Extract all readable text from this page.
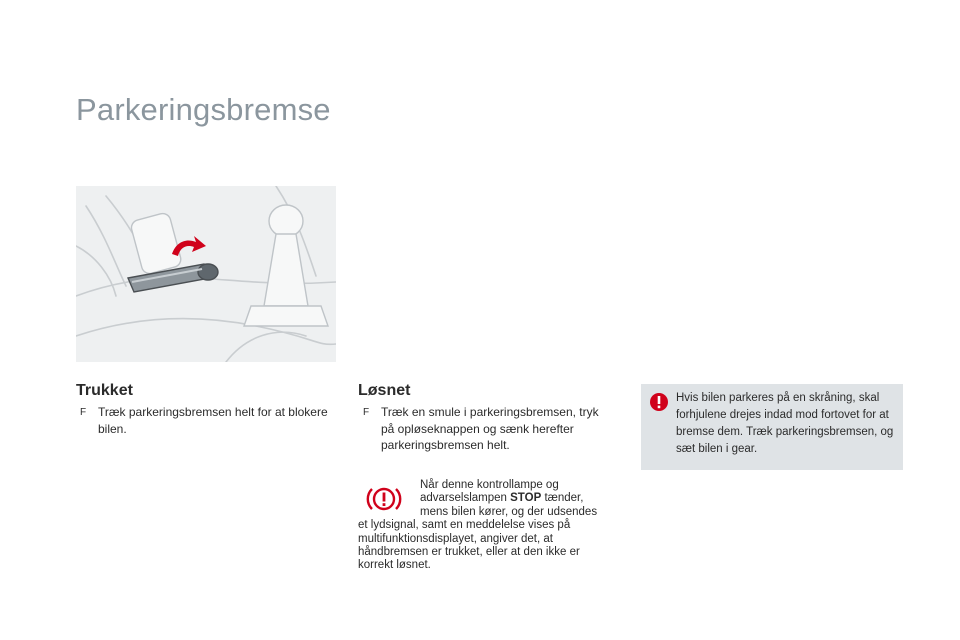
Parkeringsbremse
Trukket
F Træk parkeringsbremsen helt for at blokere bilen.
Løsnet
F Træk en smule i parkeringsbremsen, tryk på opløseknappen og sænk herefter parkeringsbremsen helt.
Når denne kontrollampe og advarselslampen STOP tænder, mens bilen kører, og der udsendes et lydsignal, samt en meddelelse vises på multifunktionsdisplayet, angiver det, at håndbremsen er trukket, eller at den ikke er korrekt løsnet.
Hvis bilen parkeres på en skråning, skal forhjulene drejes indad mod fortovet for at bremse dem. Træk parkeringsbremsen, og sæt bilen i gear.
